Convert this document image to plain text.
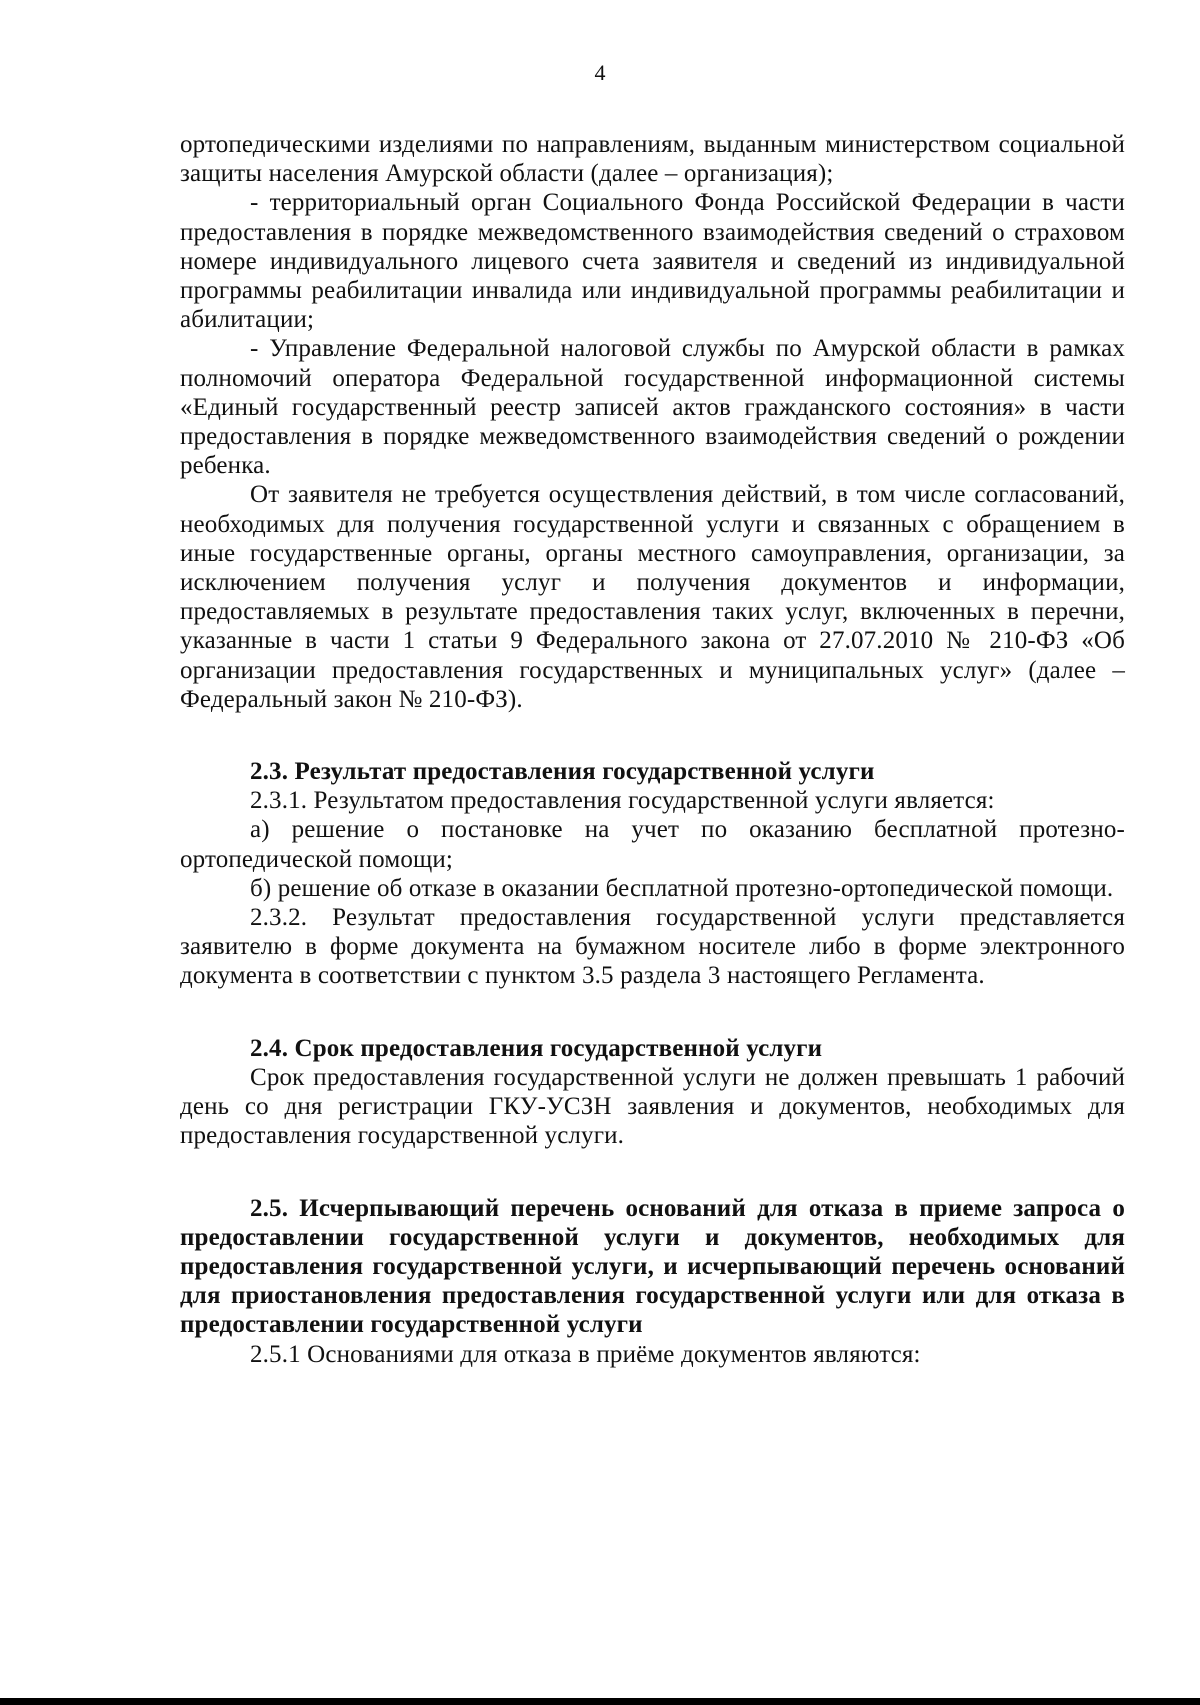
4

ортопедическими изделиями по направлениям, выданным министерством социальной защиты населения Амурской области (далее – организация);

- территориальный орган Социального Фонда Российской Федерации в части предоставления в порядке межведомственного взаимодействия сведений о страховом номере индивидуального лицевого счета заявителя и сведений из индивидуальной программы реабилитации инвалида или индивидуальной программы реабилитации и абилитации;

- Управление Федеральной налоговой службы по Амурской области в рамках полномочий оператора Федеральной государственной информационной системы «Единый государственный реестр записей актов гражданского состояния» в части предоставления в порядке межведомственного взаимодействия сведений о рождении ребенка.

От заявителя не требуется осуществления действий, в том числе согласований, необходимых для получения государственной услуги и связанных с обращением в иные государственные органы, органы местного самоуправления, организации, за исключением получения услуг и получения документов и информации, предоставляемых в результате предоставления таких услуг, включенных в перечни, указанные в части 1 статьи 9 Федерального закона от 27.07.2010 № 210-ФЗ «Об организации предоставления государственных и муниципальных услуг» (далее – Федеральный закон № 210-ФЗ).

2.3. Результат предоставления государственной услуги

2.3.1. Результатом предоставления государственной услуги является:

а) решение о постановке на учет по оказанию бесплатной протезно-ортопедической помощи;

б) решение об отказе в оказании бесплатной протезно-ортопедической помощи.

2.3.2. Результат предоставления государственной услуги представляется заявителю в форме документа на бумажном носителе либо в форме электронного документа в соответствии с пунктом 3.5 раздела 3 настоящего Регламента.

2.4. Срок предоставления государственной услуги

Срок предоставления государственной услуги не должен превышать 1 рабочий день со дня регистрации ГКУ-УСЗН заявления и документов, необходимых для предоставления государственной услуги.

2.5. Исчерпывающий перечень оснований для отказа в приеме запроса о предоставлении государственной услуги и документов, необходимых для предоставления государственной услуги, и исчерпывающий перечень оснований для приостановления предоставления государственной услуги или для отказа в предоставлении государственной услуги

2.5.1 Основаниями для отказа в приёме документов являются:
